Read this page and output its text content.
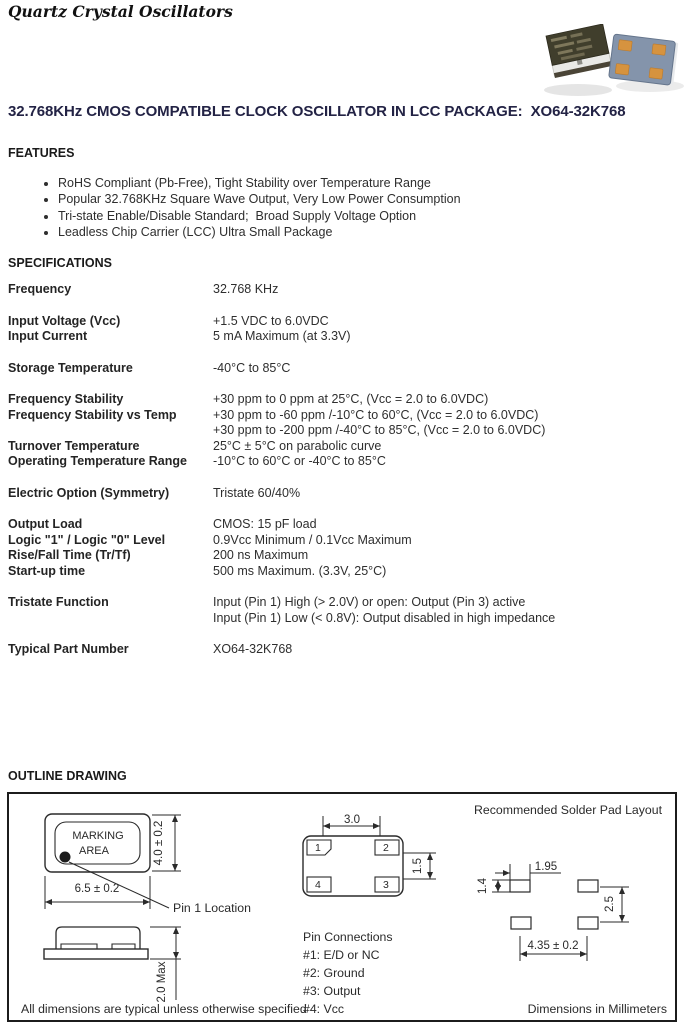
Quartz Crystal Oscillators
32.768KHz CMOS COMPATIBLE CLOCK OSCILLATOR IN LCC PACKAGE:  XO64-32K768
FEATURES
• RoHS Compliant (Pb-Free), Tight Stability over Temperature Range
• Popular 32.768KHz Square Wave Output, Very Low Power Consumption
• Tri-state Enable/Disable Standard;  Broad Supply Voltage Option
• Leadless Chip Carrier (LCC) Ultra Small Package
SPECIFICATIONS
Frequency	32.768 KHz
Input Voltage (Vcc)	+1.5 VDC to 6.0VDC
Input Current	5 mA Maximum (at 3.3V)
Storage Temperature	-40°C to 85°C
Frequency Stability	+30 ppm to 0 ppm at 25°C, (Vcc = 2.0 to 6.0VDC)
Frequency Stability vs Temp	+30 ppm to -60 ppm /-10°C to 60°C, (Vcc = 2.0 to 6.0VDC)
+30 ppm to -200 ppm /-40°C to 85°C, (Vcc = 2.0 to 6.0VDC)
Turnover Temperature	25°C ± 5°C on parabolic curve
Operating Temperature Range	-10°C to 60°C or -40°C to 85°C
Electric Option (Symmetry)	Tristate 60/40%
Output Load	CMOS: 15 pF load
Logic "1" / Logic "0" Level	0.9Vcc Minimum / 0.1Vcc Maximum
Rise/Fall Time (Tr/Tf)	200 ns Maximum
Start-up time	500 ms Maximum. (3.3V, 25°C)
Tristate Function	Input (Pin 1) High (> 2.0V) or open: Output (Pin 3) active
Input (Pin 1) Low (< 0.8V): Output disabled in high impedance
Typical Part Number	XO64-32K768
OUTLINE DRAWING
MARKING
AREA	4.0 ± 0.2
6.5 ± 0.2
Pin 1 Location
2.0 Max
All dimensions are typical unless otherwise specified
1	2
3
4
3.0
1.5
Pin Connections
#1: E/D or NC
#2: Ground
#3: Output
#4: Vcc
Recommended Solder Pad Layout
1.95
1.4
2.5
4.35 ± 0.2
Dimensions in Millimeters
